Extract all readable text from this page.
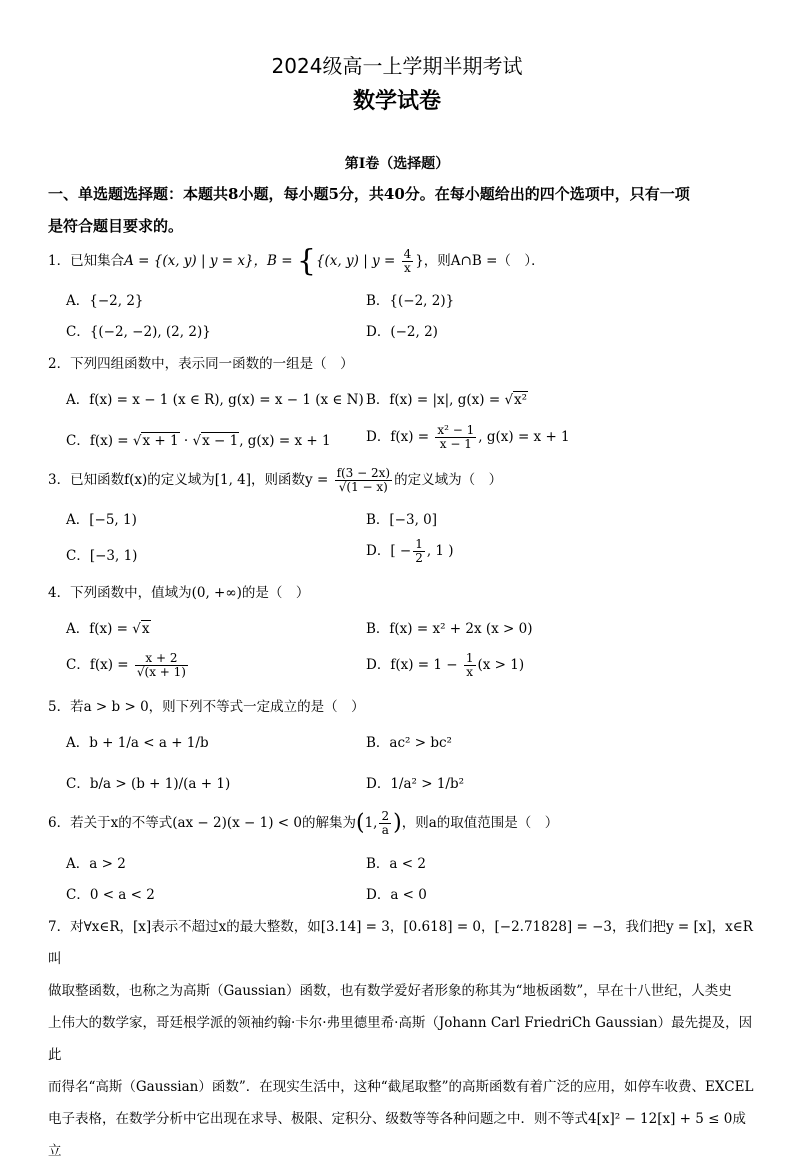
2024级高一上学期半期考试
数学试卷
第Ⅰ卷（选择题）
一、单选题选择题：本题共8小题，每小题5分，共40分。在每小题给出的四个选项中，只有一项
是符合题目要求的。
1．已知集合A = {(x, y) | y = x}，B = {{(x, y) | $y = \frac{4}{x}$ }，则A∩B =（　）．
A．{−2, 2}	B．{(−2, 2)}
C．{(−2, −2), (2, 2)}	D．(−2, 2)
2．下列四组函数中，表示同一函数的一组是（　）
A．f(x) = x − 1 (x ∈ R), g(x) = x − 1 (x ∈ N) B．f(x) = |x|, g(x) = √x²
C．f(x) = √x + 1 · √x − 1, g(x) = x + 1	D．$f(x) = \frac{\text{x² − 1}}{x - 1}$ , g(x) = x + 1
3．已知函数f(x)的定义域为[1, 4]，则函数$y = \frac{f(3 - 2x)}{√(1 - x)}$ 的定义域为（　）
A．[−5, 1)	B．[−3, 0]
C．[−3, 1)	D．[ − $\frac{1}{2}$ , 1 )
4．下列函数中，值域为(0, +∞)的是（　）
A．f(x) = √x	B．f(x) = x² + 2x (x > 0)
C．$f(x) = \frac{x + 2}{√(x + 1)}$	D．$f(x) = 1 - \frac{1}{x} (x > 1)$
5．若a > b > 0，则下列不等式一定成立的是（　）
A．b + 1/a < a + 1/b	B．ac² > bc²
C．b/a > (b + 1)/(a + 1)	D．1/a² > 1/b²
6．若关于x的不等式(ax − 2)(x − 1) < 0的解集为(1, $\frac{2}{a}$ )，则a的取值范围是（　）
A．a > 2	B．a < 2
C．0 < a < 2	D．a < 0
7．对∀x∈R，[x]表示不超过x的最大整数，如[3.14] = 3，[0.618] = 0，[−2.71828] = −3，我们把y = [x]，x∈R叫
做取整函数，也称之为高斯（Gaussian）函数，也有数学爱好者形象的称其为“地板函数”，早在十八世纪，人类史
上伟大的数学家，哥廷根学派的领袖约翰·卡尔·弗里德里希·高斯（Johann Carl FriedriCh Gaussian）最先提及，因此
而得名“高斯（Gaussian）函数”．在现实生活中，这种“截尾取整”的高斯函数有着广泛的应用，如停车收费、EXCEL
电子表格，在数学分析中它出现在求导、极限、定积分、级数等等各种问题之中．则不等式4[x]² − 12[x] + 5 ≤ 0成立
